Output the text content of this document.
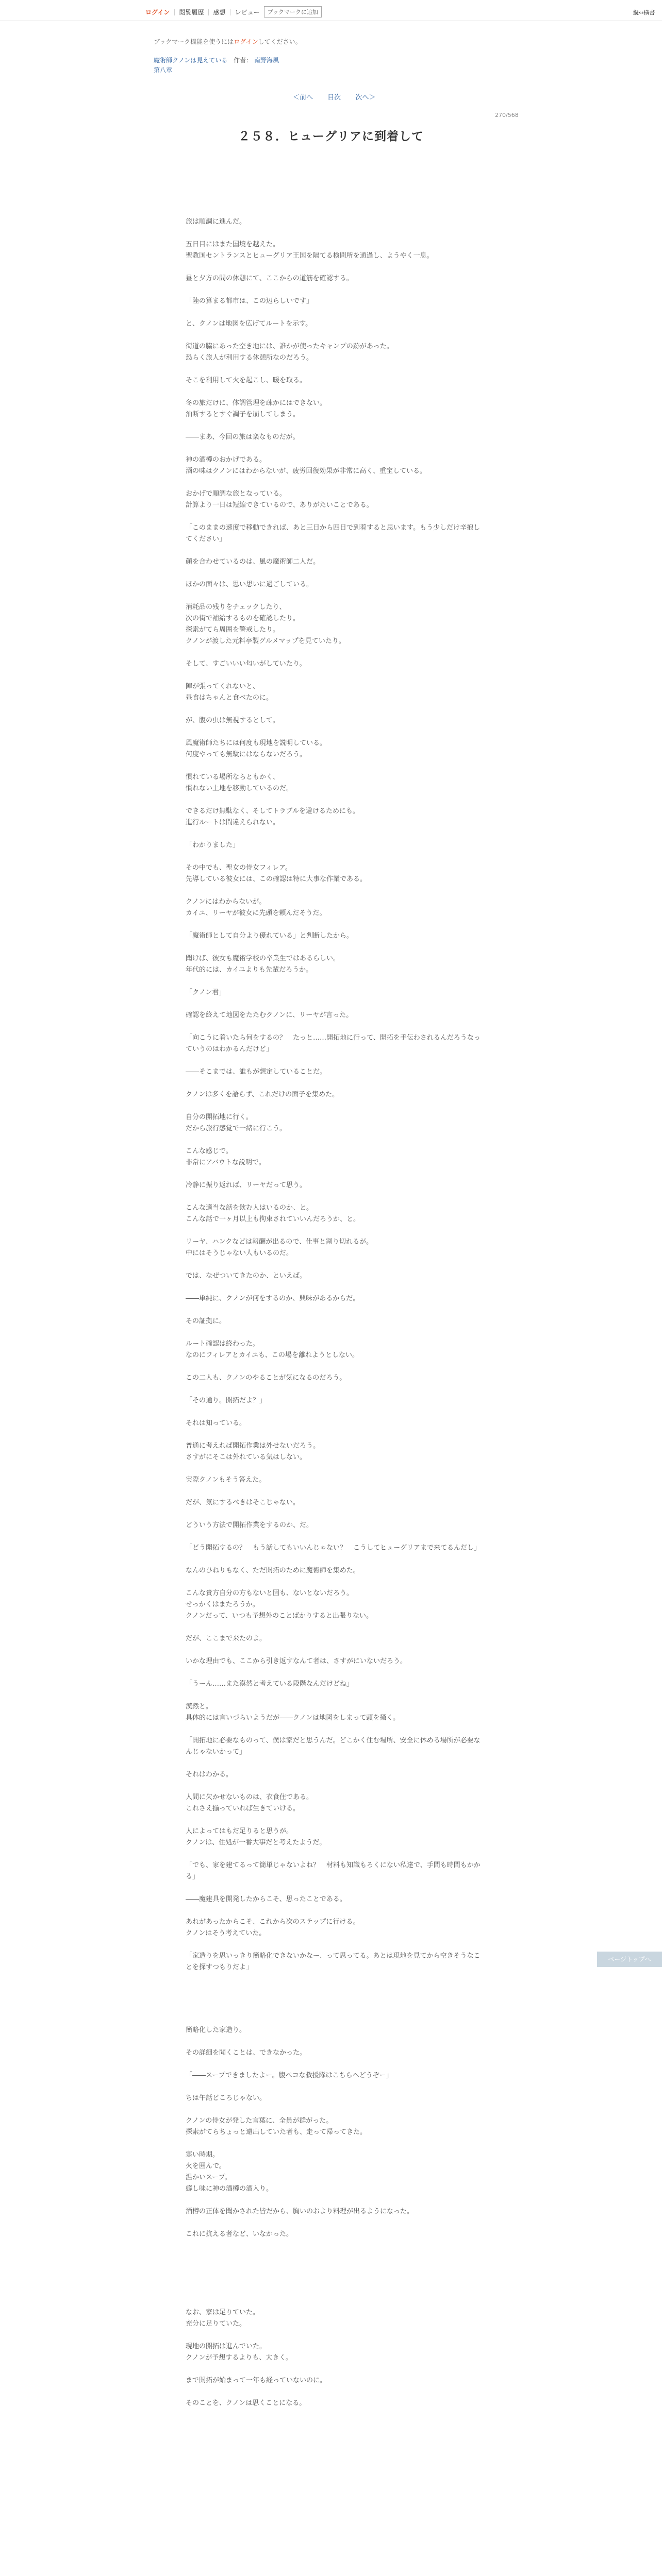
ログイン | 閲覧履歴 | 感想 | レビュー	ブックマークに追加	縦⇔横書
ブックマーク機能を使うにはログインしてください。
魔術師クノンは見えている 作者： 南野海風
第八章
＜前へ 目次 次へ＞
270/568
２５８．ヒューグリアに到着して

旅は順調に進んだ。

五日目にはまた国境を越えた。

聖教国セントランスとヒューグリア王国を隔てる検問所を通過し、ようやく一息。

昼と夕方の間の休憩にて、ここからの道筋を確認する。

「陸の算まる都市は、この辺らしいです」

と、クノンは地図を広げてルートを示す。

街道の脇にあった空き地には、誰かが使ったキャンプの跡があった。

恐らく旅人が利用する休憩所なのだろう。

そこを利用して火を起こし、暖を取る。

冬の旅だけに、体調管理を疎かにはできない。

油断するとすぐ調子を崩してしまう。

――まあ、今回の旅は楽なものだが。

神の酒樽のおかげである。

酒の味はクノンにはわからないが、疲労回復効果が非常に高く、重宝している。

おかげで順調な旅となっている。

計算より一日は短縮できているので、ありがたいことである。

「このままの速度で移動できれば、あと三日から四日で到着すると思います。もう少しだけ辛抱してください」

顔を合わせているのは、風の魔術師二人だ。

ほかの面々は、思い思いに過ごしている。

消耗品の残りをチェックしたり、

次の街で補給するものを確認したり。

探索がてら周囲を警戒したり。

クノンが渡した元料亭製グルメマップを見ていたり。

そして、すごいいい匂いがしていたり。

陣が張ってくれないと、

昼食はちゃんと食べたのに。

が、腹の虫は無視するとして。

風魔術師たちには何度も現地を説明している。

何度やっても無駄にはならないだろう。

慣れている場所ならともかく、

慣れない土地を移動しているのだ。

できるだけ無駄なく、そしてトラブルを避けるためにも。

進行ルートは間違えられない。

「わかりました」

その中でも、聖女の侍女フィレア。

先導している彼女には、この確認は特に大事な作業である。

クノンにはわからないが。

カイユ、リーヤが彼女に先頭を頼んだそうだ。

「魔術師として自分より優れている」と判断したから。

聞けば、彼女も魔術学校の卒業生ではあるらしい。

年代的には、カイユよりも先輩だろうか。

「クノン君」

確認を終えて地図をたたむクノンに、リーヤが言った。

「向こうに着いたら何をするの？　たっと……開拓地に行って、開拓を手伝わされるんだろうなっていうのはわかるんだけど」

――そこまでは、誰もが想定していることだ。

クノンは多くを語らず、これだけの面子を集めた。

自分の開拓地に行く。

だから旅行感覚で一緒に行こう。

こんな感じで。

非常にアバウトな説明で。

冷静に振り返れば、リーヤだって思う。

こんな適当な話を飲む人はいるのか、と。

こんな話で一ヶ月以上も拘束されていいんだろうか、と。

リーヤ、ハンクなどは報酬が出るので、仕事と割り切れるが。

中にはそうじゃない人もいるのだ。

では、なぜついてきたのか、といえば。

――単純に、クノンが何をするのか、興味があるからだ。

その証拠に。

ルート確認は終わった。

なのにフィレアとカイユも、この場を離れようとしない。

この二人も、クノンのやることが気になるのだろう。

「その通り。開拓だよ？」

それは知っている。

普通に考えれば開拓作業は外せないだろう。

さすがにそこは外れている気はしない。

実際クノンもそう答えた。

だが、気にするべきはそこじゃない。

どういう方法で開拓作業をするのか、だ。

「どう開拓するの？　もう話してもいいんじゃない？　こうしてヒューグリアまで来てるんだし」

なんのひねりもなく、ただ開拓のために魔術師を集めた。

こんな貴方自分の方もないと固も、ないとないだろう。

せっかくはまたろうか。

クノンだって、いつも予想外のことばかりすると出張りない。

だが、ここまで来たのよ。

いかな理由でも、ここから引き返すなんて者は、さすがにいないだろう。

「うーん……また漠然と考えている段階なんだけどね」

漠然と。

具体的には言いづらいようだが――クノンは地図をしまって頭を掻く。

「開拓地に必要なものって、僕は家だと思うんだ。どこかく住む場所、安全に休める場所が必要なんじゃないかって」

それはわかる。

人間に欠かせないものは、衣食住である。

これさえ揃っていれば生きていける。

人によってはもだ足りると思うが。

クノンは、住処が一番大事だと考えたようだ。

「でも、家を建てるって簡単じゃないよね？　材料も知識もろくにない私達で、手間も時間もかかる」

――魔建具を開発したからこそ、思ったことである。

あれがあったからこそ、これから次のステップに行ける。

クノンはそう考えていた。

「家造りを思いっきり簡略化できないかなー、って思ってる。あとは現地を見てから空きそうなことを探すつもりだよ」

簡略化した家造り。

その詳細を聞くことは、できなかった。

「――スープできましたよー。腹ペコな救援隊はこちらへどうぞー」

ちは午話どころじゃない。

クノンの侍女が発した言葉に、全員が群がった。

探索がてらちょっと遠出していた者も、走って帰ってきた。

寒い時期。

火を囲んで。

温かいスープ。

癖し味に神の酒樽の酒入り。

酒樽の正体を聞かされた皆だから、胸いのおより料理が出るようになった。

これに抗える者など、いなかった。

なお、家は足りていた。

充分に足りていた。

現地の開拓は進んでいた。

クノンが予想するよりも、大きく。

まで開拓が始まって一年も経っていないのに。

そのことを、クノンは思くことになる。

ページトップへ
